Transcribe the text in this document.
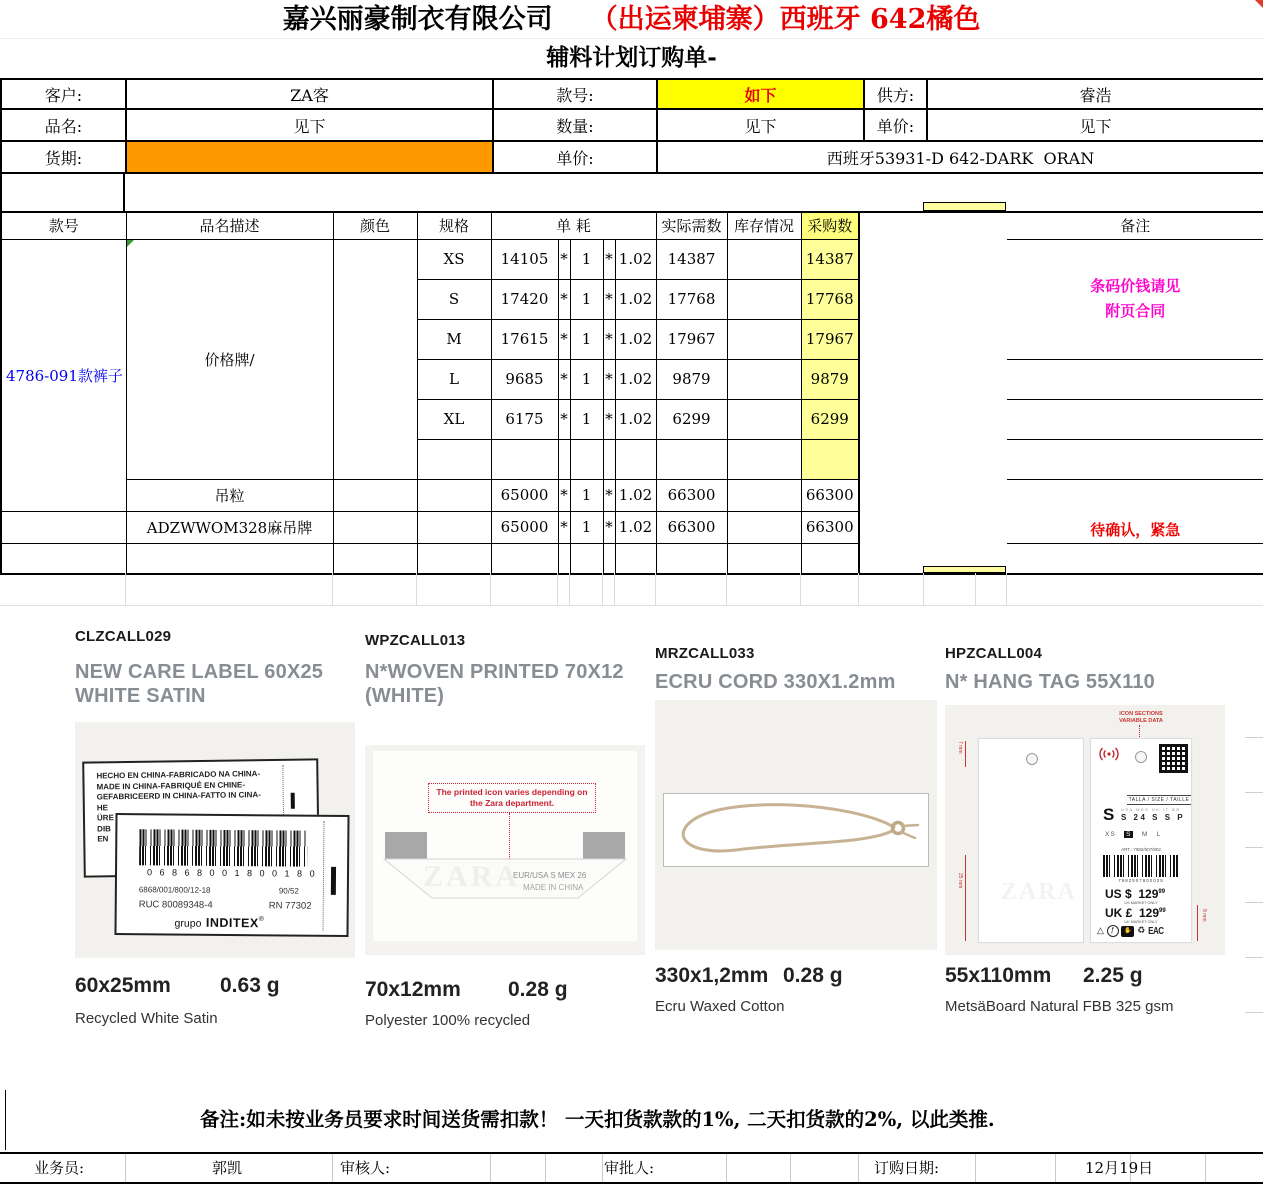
嘉兴丽豪制衣有限公司 （出运柬埔寨）西班牙 642橘色
辅料计划订购单-
客户:	ZA客	款号:	如下	供方:	睿浩
品名:	见下	数量:	见下	单价:	见下
货期:		单价:	西班牙53931-D 642-DARK  ORAN		
款号	品名描述	颜色	规格	单 耗					实际需数	库存情况	采购数			备注
4786-091款裤子	价格牌/		XS	14105	*	1	*	1.02	14387		14387			条码价钱请见
附页合同
			S	17420	*	1	*	1.02	17768		17768			
			M	17615	*	1	*	1.02	17967		17967			
			L	9685	*	1	*	1.02	9879		9879			
			XL	6175	*	1	*	1.02	6299		6299			

	吊粒			65000	*	1	*	1.02	66300		66300			待确认，紧急
	ADZWWOM328麻吊牌			65000	*	1	*	1.02	66300		66300			

CLZCALL029
NEW CARE LABEL 60X25
WHITE SATIN
HECHO EN CHINA-FABRICADO NA CHINA-
MADE IN CHINA-FABRIQUÉ EN CHINE-
GEFABRICEERD IN CHINA-FATTO IN CINA-
HE
ÜRE
DIB
EN
0 6 8 6 8 0 0 1 8 0 0 1 8 0
6868/001/800/12-18	90/52
RUC 80089348-4	RN 77302
grupo INDITEX®
60x25mm 0.63 g
Recycled White Satin
WPZCALL013
N*WOVEN PRINTED 70X12
(WHITE)
The printed icon varies depending on
the Zara department.
ZARA
EUR/USA S MEX 26
MADE IN CHINA
70x12mm 0.28 g
Polyester 100% recycled
MRZCALL033
ECRU CORD 330X1.2mm
330x1,2mm 0.28 g
Ecru Waxed Cotton
HPZCALL004
N* HANG TAG 55X110
ICON SECTIONS
VARIABLE DATA
ZARA
7 mm
25 mm
TALLA / SIZE / TAILLE
S USA MEX UK IT BR
S 24 S S P
XS S M L
ART.: 7982/507/802
7982507802025
US $  $129^{99}$
US MARKET ONLY
UK £  $129^{99}$
UK MARKET ONLY
△ ƒ ✋ ♻ EAC
8 mm
55x110mm 2.25 g
MetsäBoard Natural FBB 325 gsm
备注:如未按业务员要求时间送货需扣款！ 一天扣货款款的1%, 二天扣货款的2%, 以此类推.
业务员:	郭凯	审核人:	审批人:	订购日期:	12月19日
